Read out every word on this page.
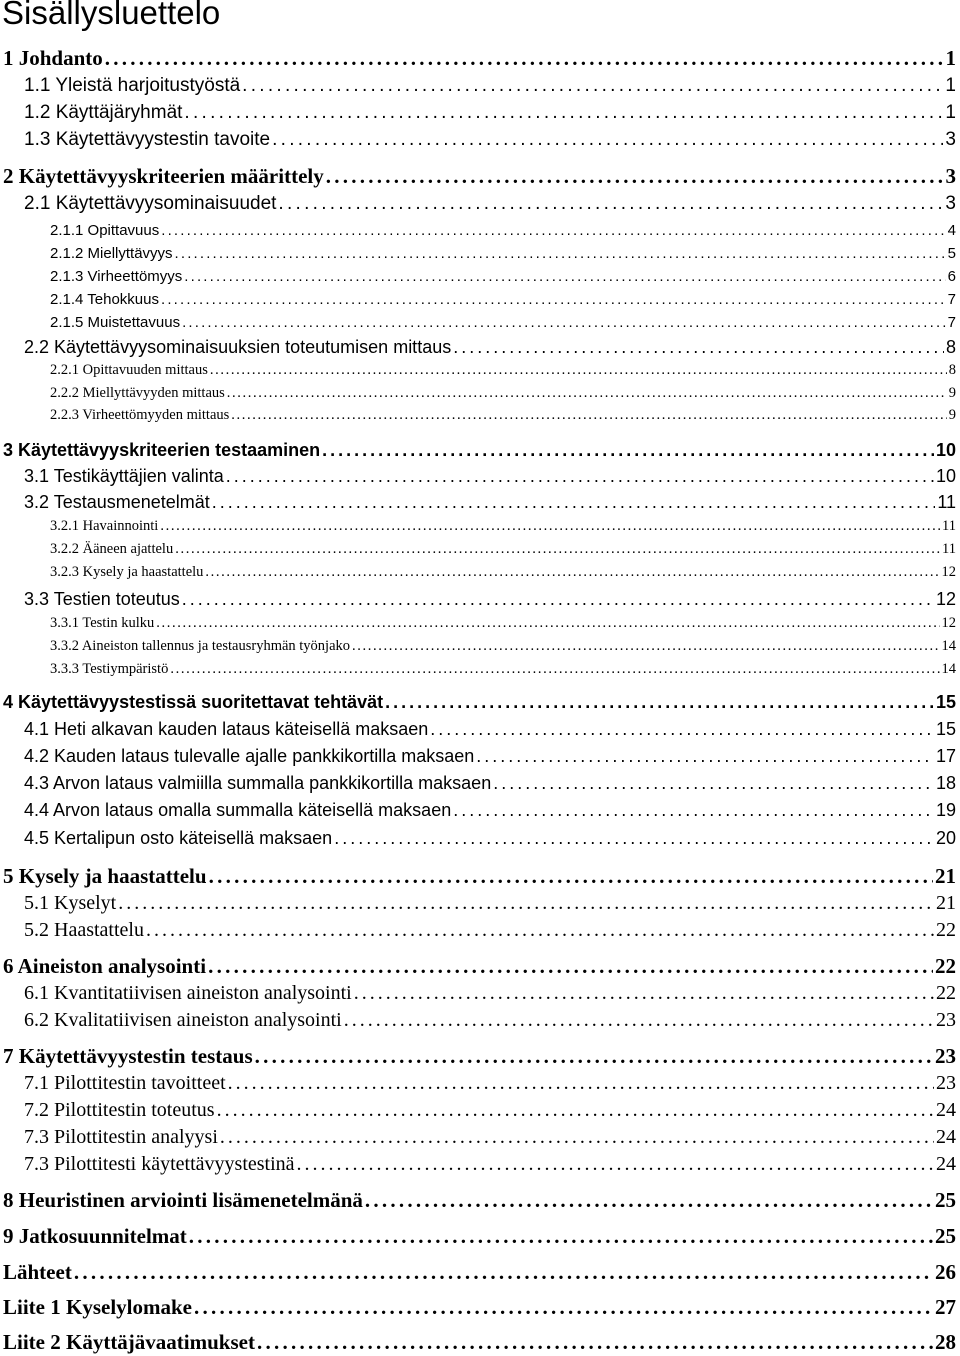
Sisällysluettelo
1 Johdanto . . .	1
1.1 Yleistä harjoitustyöstä . . .	1
1.2 Käyttäjäryhmät . . .	1
1.3 Käytettävyystestin tavoite . . .	3
2 Käytettävyyskriteerien määrittely . . .	3
2.1 Käytettävyysominaisuudet . . .	3
2.1.1 Opittavuus . . .	4
2.1.2 Miellyttävyys . . .	5
2.1.3 Virheettömyys . . .	6
2.1.4 Tehokkuus . . .	7
2.1.5 Muistettavuus . . .	7
2.2 Käytettävyysominaisuuksien toteutumisen mittaus . . .	8
2.2.1 Opittavuuden mittaus . . .	8
2.2.2 Miellyttävyyden mittaus . . .	9
2.2.3 Virheettömyyden mittaus . . .	9
3 Käytettävyyskriteerien testaaminen . . .	10
3.1 Testikäyttäjien valinta . . .	10
3.2 Testausmenetelmät . . .	11
3.2.1 Havainnointi . . .	11
3.2.2 Ääneen ajattelu . . .	11
3.2.3 Kysely ja haastattelu . . .	12
3.3 Testien toteutus . . .	12
3.3.1 Testin kulku . . .	12
3.3.2 Aineiston tallennus ja testausryhmän työnjako . . .	14
3.3.3 Testiympäristö . . .	14
4 Käytettävyystestissä suoritettavat tehtävät . . .	15
4.1 Heti alkavan kauden lataus käteisellä maksaen . . .	15
4.2 Kauden lataus tulevalle ajalle pankkikortilla maksaen . . .	17
4.3 Arvon lataus valmiilla summalla pankkikortilla maksaen . . .	18
4.4 Arvon lataus omalla summalla käteisellä maksaen . . .	19
4.5 Kertalipun osto käteisellä maksaen . . .	20
5 Kysely ja haastattelu . . .	21
5.1 Kyselyt . . .	21
5.2 Haastattelu . . .	22
6 Aineiston analysointi . . .	22
6.1 Kvantitatiivisen aineiston analysointi . . .	22
6.2 Kvalitatiivisen aineiston analysointi . . .	23
7 Käytettävyystestin testaus . . .	23
7.1 Pilottitestin tavoitteet . . .	23
7.2 Pilottitestin toteutus . . .	24
7.3 Pilottitestin analyysi . . .	24
7.3 Pilottitesti käytettävyystestinä . . .	24
8 Heuristinen arviointi lisämenetelmänä . . .	25
9 Jatkosuunnitelmat . . .	25
Lähteet . . .	26
Liite 1 Kyselylomake . . .	27
Liite 2 Käyttäjävaatimukset . . .	28
